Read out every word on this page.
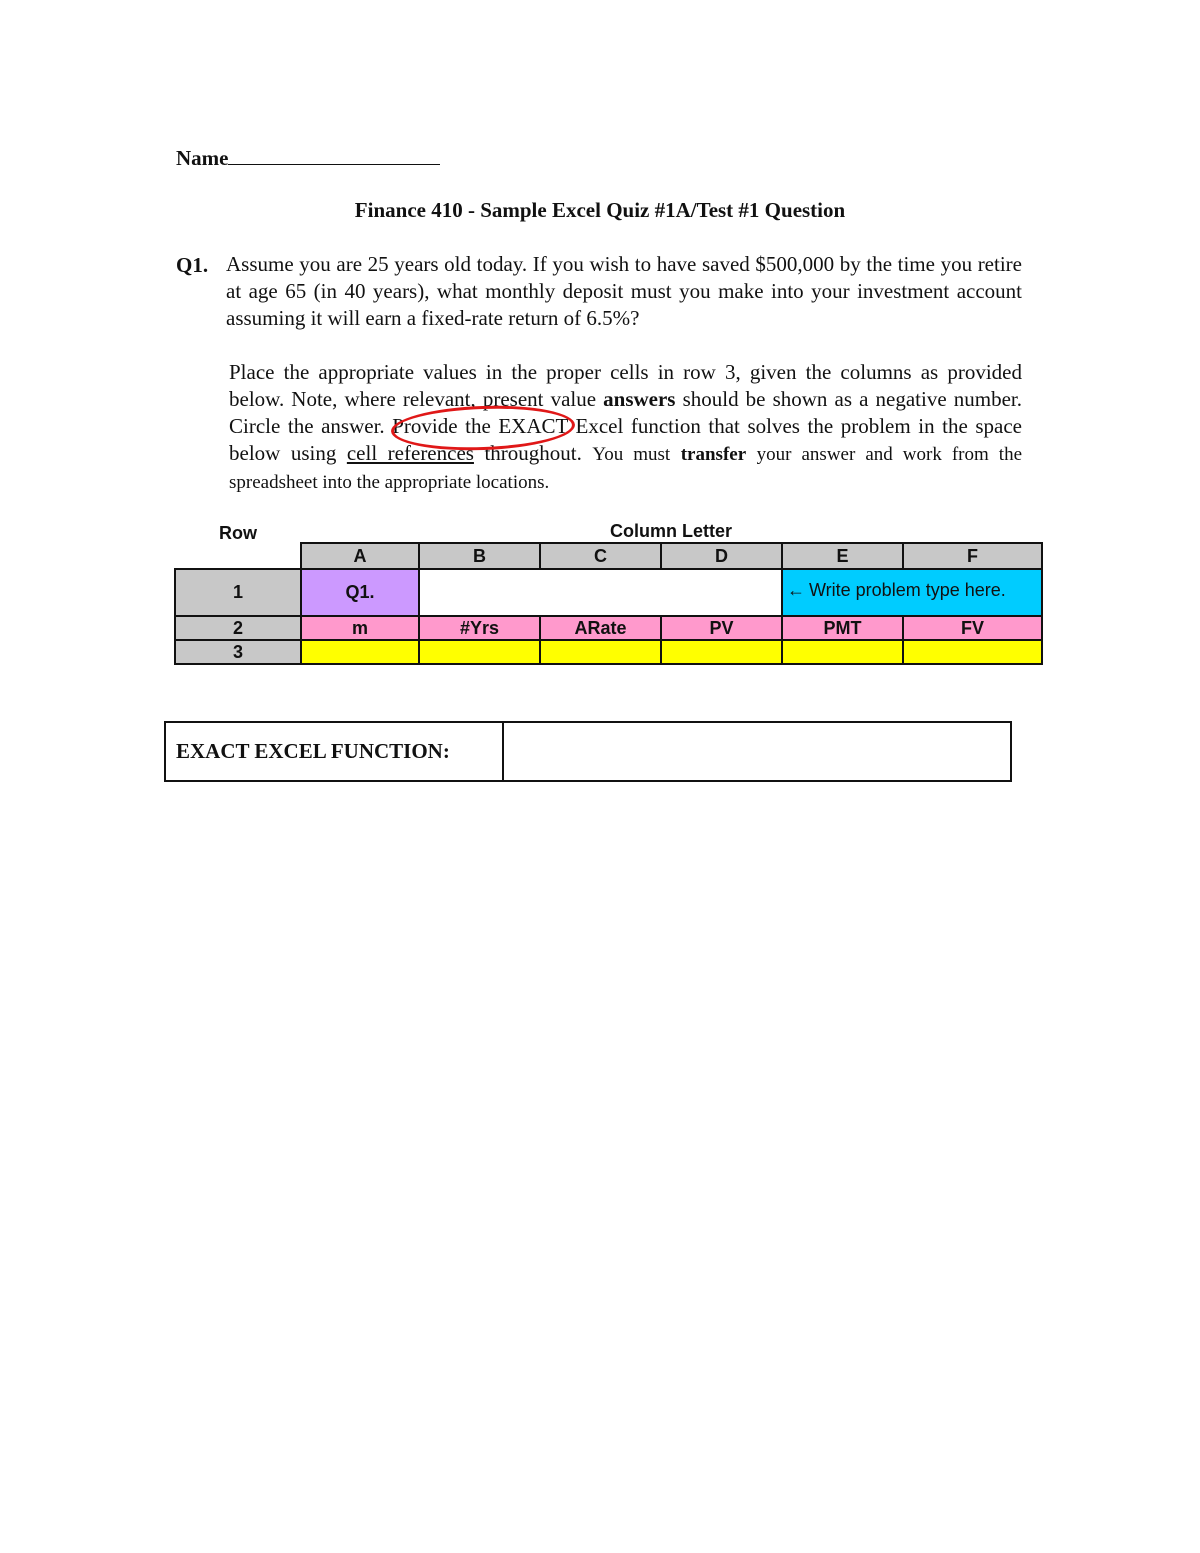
Name
Finance 410 - Sample Excel Quiz #1A/Test #1 Question
Q1. Assume you are 25 years old today. If you wish to have saved $500,000 by the time you retire at age 65 (in 40 years), what monthly deposit must you make into your investment account assuming it will earn a fixed-rate return of 6.5%?
Place the appropriate values in the proper cells in row 3, given the columns as provided below. Note, where relevant, present value answers should be shown as a negative number. Circle the answer. Provide the EXACT Excel function that solves the problem in the space below using cell references throughout. You must transfer your answer and work from the spreadsheet into the appropriate locations.
Row	Column Letter
	A	B	C	D	E	F
1	Q1.				← Write problem type here.	

2	m	#Yrs	ARate	PV	PMT	FV
3						
EXACT EXCEL FUNCTION:	
